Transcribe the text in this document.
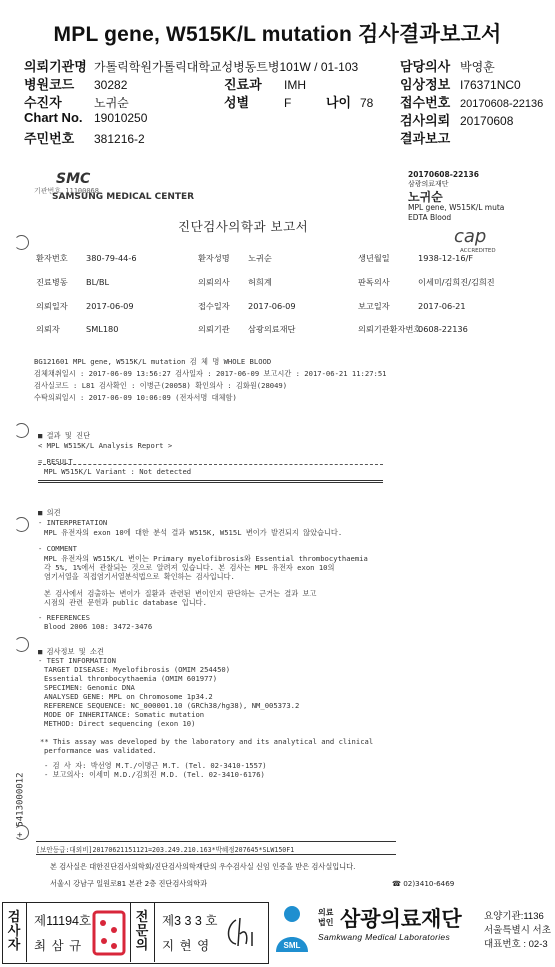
MPL gene, W515K/L mutation 검사결과보고서
의뢰기관명 가톨릭학원가톨릭대학교성병동트병101W / 01-103
병원코드 30282
수진자	노귀순
Chart No. 19010250
주민번호 381216-2
진료과 IMH
성별	F	나이 78
담당의사 박영훈
임상정보 I76371NC0
접수번호 20170608-22136
검사의뢰 20170608
결과보고
SMC
기관번호 11100068
SAMSUNG MEDICAL CENTER
진단검사의학과 보고서
20170608-22136
삼광의료재단
노귀순
MPL gene, W515K/L muta
EDTA Blood
cap
ACCREDITED
환자번호 380-79-44-6	환자성명 노귀순	생년월일	1938-12-16/F
진료병동 BL/BL	의뢰의사 허희계	판독의사	이세미/김희진/김희진
의뢰일자 2017-06-09	접수일자 2017-06-09	보고일자	2017-06-21
의뢰자	SML180	의뢰기관 삼광의료재단	의뢰기관환자번호
0608-22136
BG121601 MPL gene, W515K/L mutation 검 체 명 WHOLE BLOOD
검체채취일시 : 2017-06-09 13:56:27 검사일자 : 2017-06-09 보고시간 : 2017-06-21 11:27:51
검사실코드 : L81 검사확인 : 이병근(20058) 확인의사 : 김화원(28049)
수탁의뢰일시 : 2017-06-09 10:06:09 (전자서명 대체함)
■ 결과 및 진단
< MPL W515K/L Analysis Report >
= RESULT
MPL W515K/L Variant : Not detected
■ 의견
- INTERPRETATION
MPL 유전자의 exon 10에 대한 분석 결과 W515K, W515L 변이가 발견되지 않았습니다.
- COMMENT
MPL 유전자의 W515K/L 변이는 Primary myelofibrosis와 Essential thrombocythaemia
각 5%, 1%에서 관찰되는 것으로 알려져 있습니다. 본 검사는 MPL 유전자 exon 10의
염기서열을 직접염기서열분석법으로 확인하는 검사입니다.
본 검사에서 검출하는 변이가 질환과 관련된 변이인지 판단하는 근거는 결과 보고
시점의 관련 문헌과 public database 입니다.
- REFERENCES
Blood 2006 108: 3472-3476
■ 검사정보 및 소견
- TEST INFORMATION
TARGET DISEASE: Myelofibrosis (OMIM 254450)
Essential thrombocythaemia (OMIM 601977)
SPECIMEN: Genomic DNA
ANALYSED GENE: MPL on Chromosome 1p34.2
REFERENCE SEQUENCE: NC_000001.10 (GRCh38/hg38), NM_005373.2
MODE OF INHERITANCE: Somatic mutation
METHOD: Direct sequencing (exon 10)
** This assay was developed by the laboratory and its analytical and clinical
performance was validated.
- 검 사 자: 박선영 M.T./이명근 M.T. (Tel. 02-3410-1557)
- 보고의사: 이세미 M.D./김희진 M.D. (Tel. 02-3410-6176)
+ 5413000012
[보안등급:대외비]20170621151121=203.249.210.163*박혜정207645*SLW150F1
본 검사실은 대한진단검사의학회/진단검사의학재단의 우수검사실 신임 인증을 받은 검사실입니다.
서울시 강남구 일원로81 본관 2층 진단검사의학과	☎ 02)3410-6469
검
사
자
제11194호
최 삼 규
전
문
의
제3 3 3 호
지 현 영	SML
의료
법인 삼광의료재단
Samkwang Medical Laboratories
요양기관:1136
서울특별시 서초
대표번호 : 02-3
